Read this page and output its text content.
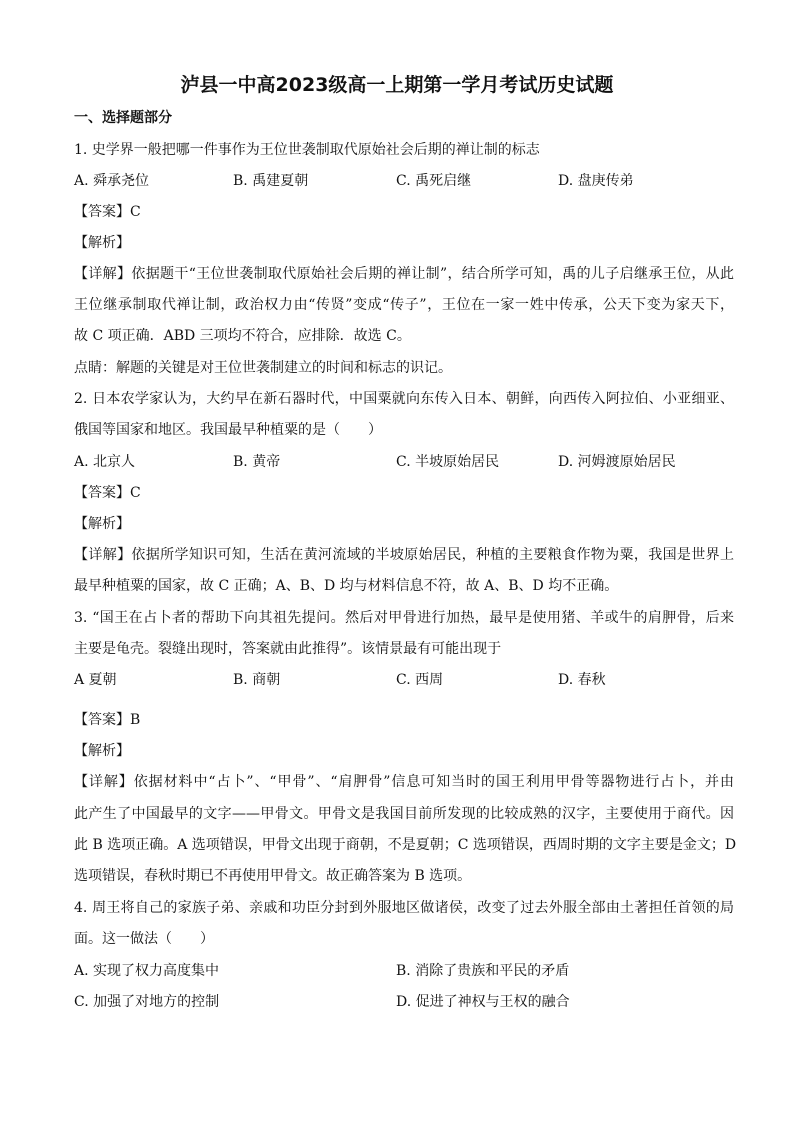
泸县一中高2023级高一上期第一学月考试历史试题
一、选择题部分
1. 史学界一般把哪一件事作为王位世袭制取代原始社会后期的禅让制的标志
A. 舜承尧位	B. 禹建夏朝	C. 禹死启继	D. 盘庚传弟
【答案】C
【解析】
【详解】依据题干“王位世袭制取代原始社会后期的禅让制”，结合所学可知，禹的儿子启继承王位，从此
王位继承制取代禅让制，政治权力由“传贤”变成“传子”，王位在一家一姓中传承，公天下变为家天下，
故 C 项正确．ABD 三项均不符合，应排除．故选 C。
点睛：解题的关键是对王位世袭制建立的时间和标志的识记。
2. 日本农学家认为，大约早在新石器时代，中国粟就向东传入日本、朝鲜，向西传入阿拉伯、小亚细亚、
俄国等国家和地区。我国最早种植粟的是（　　）
A. 北京人	B. 黄帝	C. 半坡原始居民	D. 河姆渡原始居民
【答案】C
【解析】
【详解】依据所学知识可知，生活在黄河流域的半坡原始居民，种植的主要粮食作物为粟，我国是世界上
最早种植粟的国家，故 C 正确；A、B、D 均与材料信息不符，故 A、B、D 均不正确。
3. “国王在占卜者的帮助下向其祖先提问。然后对甲骨进行加热，最早是使用猪、羊或牛的肩胛骨，后来
主要是龟壳。裂缝出现时，答案就由此推得”。该情景最有可能出现于
A 夏朝	B. 商朝	C. 西周	D. 春秋
【答案】B
【解析】
【详解】依据材料中“占卜”、“甲骨”、“肩胛骨”信息可知当时的国王利用甲骨等器物进行占卜，并由
此产生了中国最早的文字——甲骨文。甲骨文是我国目前所发现的比较成熟的汉字，主要使用于商代。因
此 B 选项正确。A 选项错误，甲骨文出现于商朝，不是夏朝；C 选项错误，西周时期的文字主要是金文；D
选项错误，春秋时期已不再使用甲骨文。故正确答案为 B 选项。
4. 周王将自己的家族子弟、亲戚和功臣分封到外服地区做诸侯，改变了过去外服全部由土著担任首领的局
面。这一做法（　　）
A. 实现了权力高度集中	B. 消除了贵族和平民的矛盾
C. 加强了对地方的控制	D. 促进了神权与王权的融合
